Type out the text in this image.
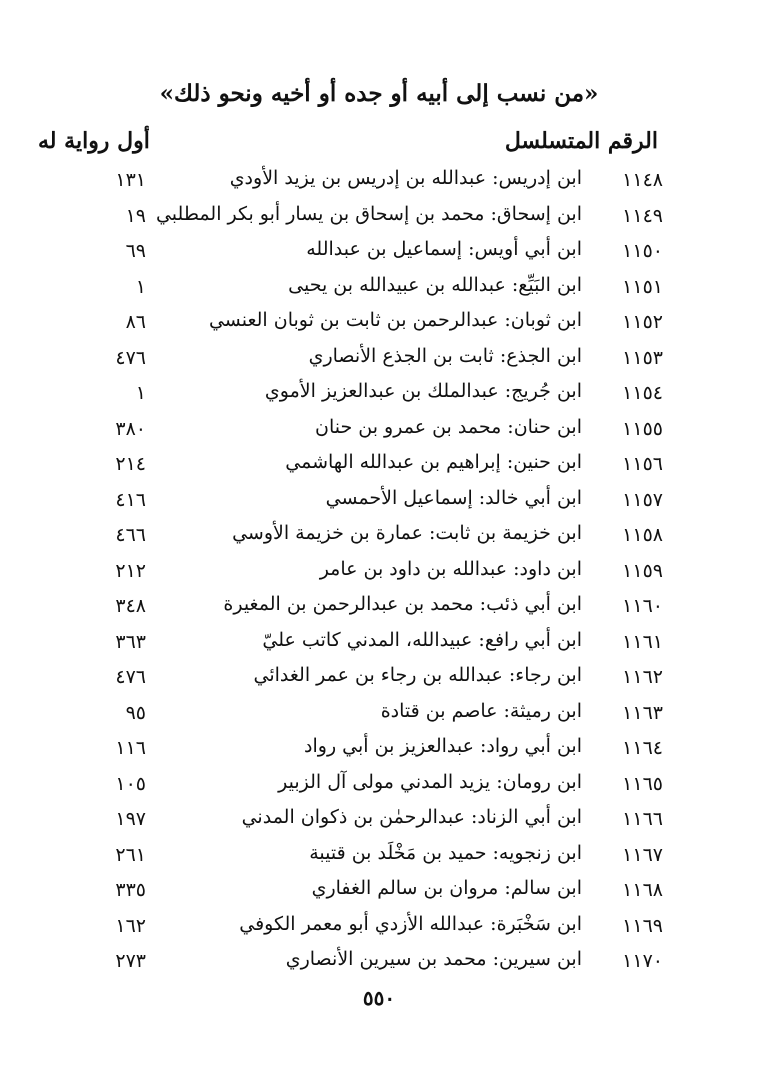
«من نسب إلى أبيه أو جده أو أخيه ونحو ذلك»
الرقم المتسلسل
أول رواية له
١١٤٨
ابن إدريس: عبدالله بن إدريس بن يزيد الأودي
١٣١
١١٤٩
ابن إسحاق: محمد بن إسحاق بن يسار أبو بكر المطلبي
١٩
١١٥٠
ابن أبي أويس: إسماعيل بن عبدالله
٦٩
١١٥١
ابن البَيِّع: عبدالله بن عبيدالله بن يحيى
١
١١٥٢
ابن ثوبان: عبدالرحمن بن ثابت بن ثوبان العنسي
٨٦
١١٥٣
ابن الجذع: ثابت بن الجذع الأنصاري
٤٧٦
١١٥٤
ابن جُريج: عبدالملك بن عبدالعزيز الأموي
١
١١٥٥
ابن حنان: محمد بن عمرو بن حنان
٣٨٠
١١٥٦
ابن حنين: إبراهيم بن عبدالله الهاشمي
٢١٤
١١٥٧
ابن أبي خالد: إسماعيل الأحمسي
٤١٦
١١٥٨
ابن خزيمة بن ثابت: عمارة بن خزيمة الأوسي
٤٦٦
١١٥٩
ابن داود: عبدالله بن داود بن عامر
٢١٢
١١٦٠
ابن أبي ذئب: محمد بن عبدالرحمن بن المغيرة
٣٤٨
١١٦١
ابن أبي رافع: عبيدالله، المدني كاتب عليّ
٣٦٣
١١٦٢
ابن رجاء: عبدالله بن رجاء بن عمر الغدائي
٤٧٦
١١٦٣
ابن رميثة: عاصم بن قتادة
٩٥
١١٦٤
ابن أبي رواد: عبدالعزيز بن أبي رواد
١١٦
١١٦٥
ابن رومان: يزيد المدني مولى آل الزبير
١٠٥
١١٦٦
ابن أبي الزناد: عبدالرحمٰن بن ذكوان المدني
١٩٧
١١٦٧
ابن زنجويه: حميد بن مَخْلَد بن قتيبة
٢٦١
١١٦٨
ابن سالم: مروان بن سالم الغفاري
٣٣٥
١١٦٩
ابن سَخْبَرة: عبدالله الأزدي أبو معمر الكوفي
١٦٢
١١٧٠
ابن سيرين: محمد بن سيرين الأنصاري
٢٧٣
٥٥٠
